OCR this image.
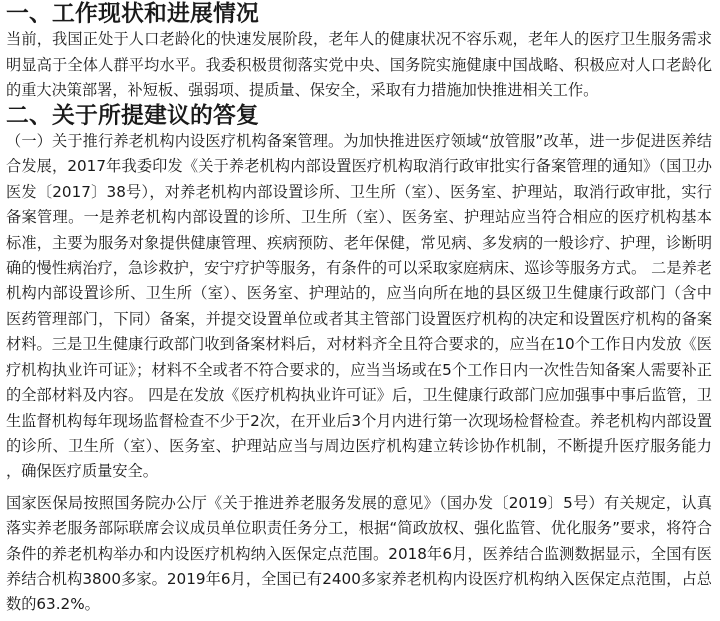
一、工作现状和进展情况

当前，我国正处于人口老龄化的快速发展阶段，老年人的健康状况不容乐观，老年人的医疗卫生服务需求明显高于全体人群平均水平。我委积极贯彻落实党中央、国务院实施健康中国战略、积极应对人口老龄化的重大决策部署，补短板、强弱项、提质量、保安全，采取有力措施加快推进相关工作。

二、关于所提建议的答复

（一）关于推行养老机构内设医疗机构备案管理。为加快推进医疗领域“放管服”改革，进一步促进医养结合发展，2017年我委印发《关于养老机构内部设置医疗机构取消行政审批实行备案管理的通知》（国卫办医发〔2017〕38号），对养老机构内部设置诊所、卫生所（室）、医务室、护理站，取消行政审批，实行备案管理。一是养老机构内部设置的诊所、卫生所（室）、医务室、护理站应当符合相应的医疗机构基本标准，主要为服务对象提供健康管理、疾病预防、老年保健，常见病、多发病的一般诊疗、护理，诊断明确的慢性病治疗，急诊救护，安宁疗护等服务，有条件的可以采取家庭病床、巡诊等服务方式。 二是养老机构内部设置诊所、卫生所（室）、医务室、护理站的，应当向所在地的县区级卫生健康行政部门（含中医药管理部门，下同）备案，并提交设置单位或者其主管部门设置医疗机构的决定和设置医疗机构的备案材料。三是卫生健康行政部门收到备案材料后，对材料齐全且符合要求的，应当在10个工作日内发放《医疗机构执业许可证》；材料不全或者不符合要求的，应当当场或在5个工作日内一次性告知备案人需要补正的全部材料及内容。 四是在发放《医疗机构执业许可证》后，卫生健康行政部门应加强事中事后监管，卫生监督机构每年现场监督检查不少于2次，在开业后3个月内进行第一次现场检督检查。养老机构内部设置的诊所、卫生所（室）、医务室、护理站应当与周边医疗机构建立转诊协作机制，不断提升医疗服务能力，确保医疗质量安全。

国家医保局按照国务院办公厅《关于推进养老服务发展的意见》（国办发〔2019〕5号）有关规定，认真落实养老服务部际联席会议成员单位职责任务分工，根据“简政放权、强化监管、优化服务”要求，将符合条件的养老机构举办和内设医疗机构纳入医保定点范围。2018年6月，医养结合监测数据显示，全国有医养结合机构3800多家。2019年6月，全国已有2400多家养老机构内设医疗机构纳入医保定点范围，占总数的63.2%。
